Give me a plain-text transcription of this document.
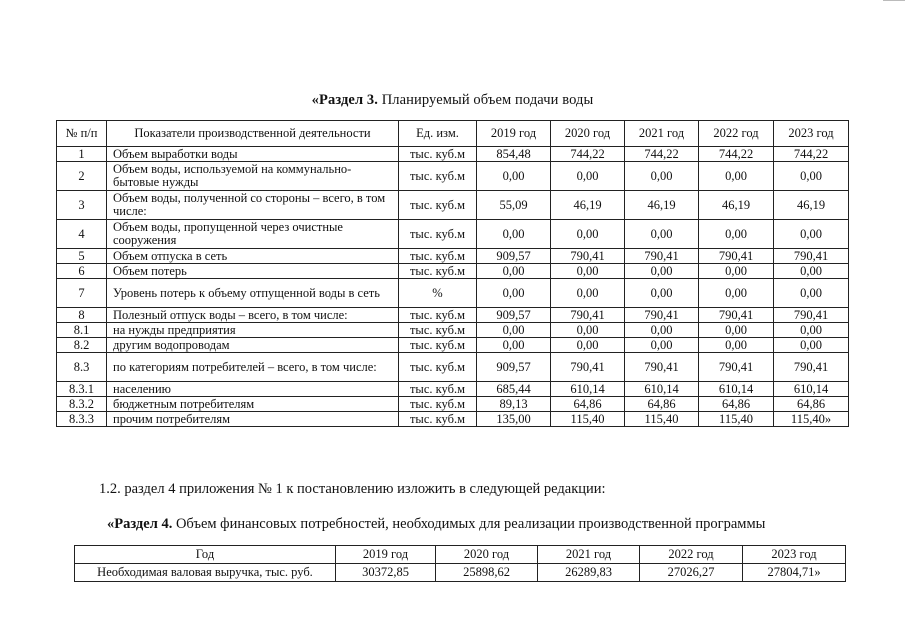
«Раздел 3. Планируемый объем подачи воды
№ п/п	Показатели производственной деятельности	Ед. изм.	2019 год	2020 год	2021 год	2022 год	2023 год
1	Объем выработки воды	тыс. куб.м	854,48	744,22	744,22	744,22	744,22
2	Объем воды, используемой на коммунально-бытовые нужды	тыс. куб.м	0,00	0,00	0,00	0,00	0,00
3	Объем воды, полученной со стороны – всего, в том числе:	тыс. куб.м	55,09	46,19	46,19	46,19	46,19
4	Объем воды, пропущенной через очистные сооружения	тыс. куб.м	0,00	0,00	0,00	0,00	0,00
5	Объем отпуска в сеть	тыс. куб.м	909,57	790,41	790,41	790,41	790,41
6	Объем потерь	тыс. куб.м	0,00	0,00	0,00	0,00	0,00
7	Уровень потерь к объему отпущенной воды в сеть	%	0,00	0,00	0,00	0,00	0,00
8	Полезный отпуск воды – всего, в том числе:	тыс. куб.м	909,57	790,41	790,41	790,41	790,41
8.1	на нужды предприятия	тыс. куб.м	0,00	0,00	0,00	0,00	0,00
8.2	другим водопроводам	тыс. куб.м	0,00	0,00	0,00	0,00	0,00
8.3	по категориям потребителей – всего, в том числе:	тыс. куб.м	909,57	790,41	790,41	790,41	790,41
8.3.1	населению	тыс. куб.м	685,44	610,14	610,14	610,14	610,14
8.3.2	бюджетным потребителям	тыс. куб.м	89,13	64,86	64,86	64,86	64,86
8.3.3	прочим потребителям	тыс. куб.м	135,00	115,40	115,40	115,40	115,40»
1.2. раздел 4 приложения № 1 к постановлению изложить в следующей редакции:
«Раздел 4. Объем финансовых потребностей, необходимых для реализации производственной программы
Год	2019 год	2020 год	2021 год	2022 год	2023 год
Необходимая валовая выручка, тыс. руб.	30372,85	25898,62	26289,83	27026,27	27804,71»
